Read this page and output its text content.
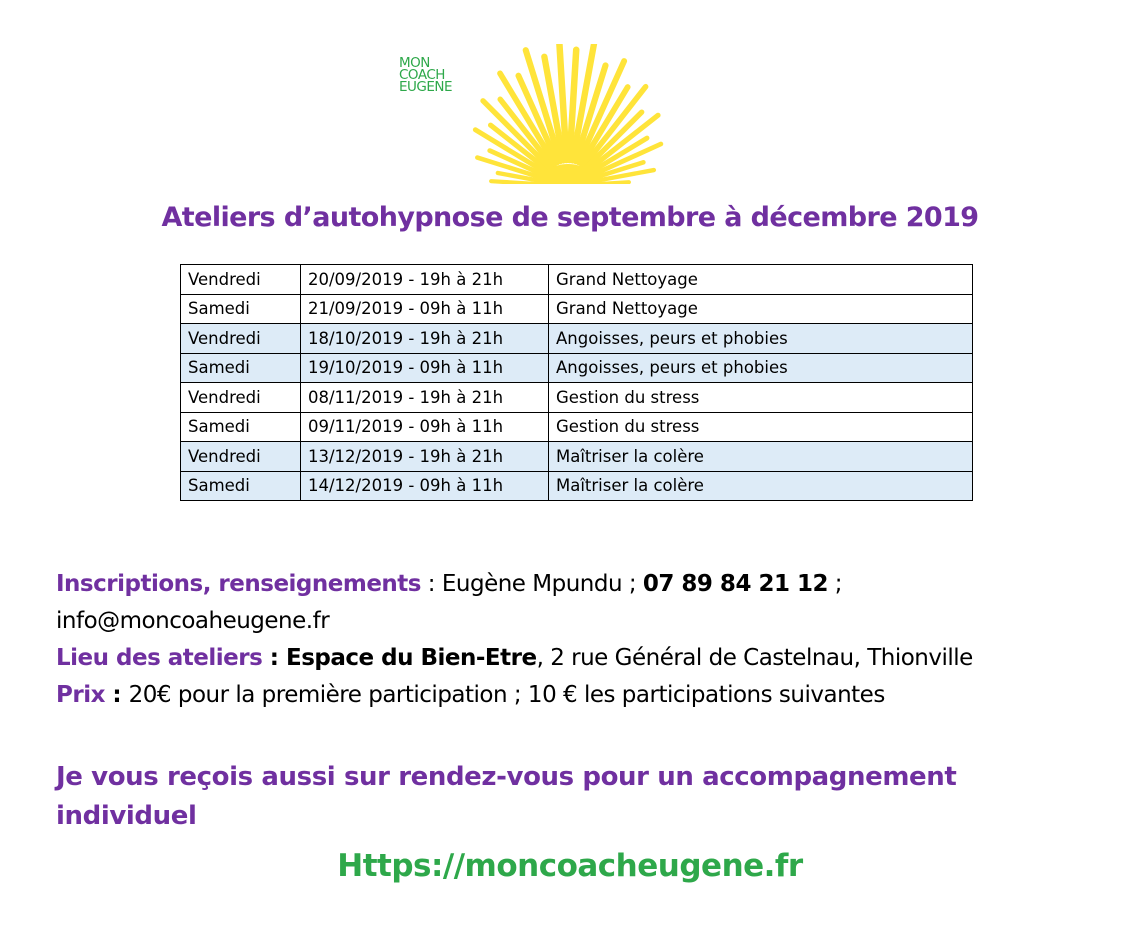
MON
COACH
EUGENE
Ateliers d’autohypnose de septembre à décembre 2019
Vendredi	20/09/2019 - 19h à 21h	Grand Nettoyage
Samedi	21/09/2019 - 09h à 11h	Grand Nettoyage
Vendredi	18/10/2019 - 19h à 21h	Angoisses, peurs et phobies
Samedi	19/10/2019 - 09h à 11h	Angoisses, peurs et phobies
Vendredi	08/11/2019 - 19h à 21h	Gestion du stress
Samedi	09/11/2019 - 09h à 11h	Gestion du stress
Vendredi	13/12/2019 - 19h à 21h	Maîtriser la colère
Samedi	14/12/2019 - 09h à 11h	Maîtriser la colère
Inscriptions, renseignements : Eugène Mpundu ; 07 89 84 21 12 ;
info@moncoaheugene.fr
Lieu des ateliers : Espace du Bien-Etre, 2 rue Général de Castelnau, Thionville
Prix : 20€ pour la première participation ; 10 € les participations suivantes
Je vous reçois aussi sur rendez-vous pour un accompagnement
individuel
Https://moncoacheugene.fr
